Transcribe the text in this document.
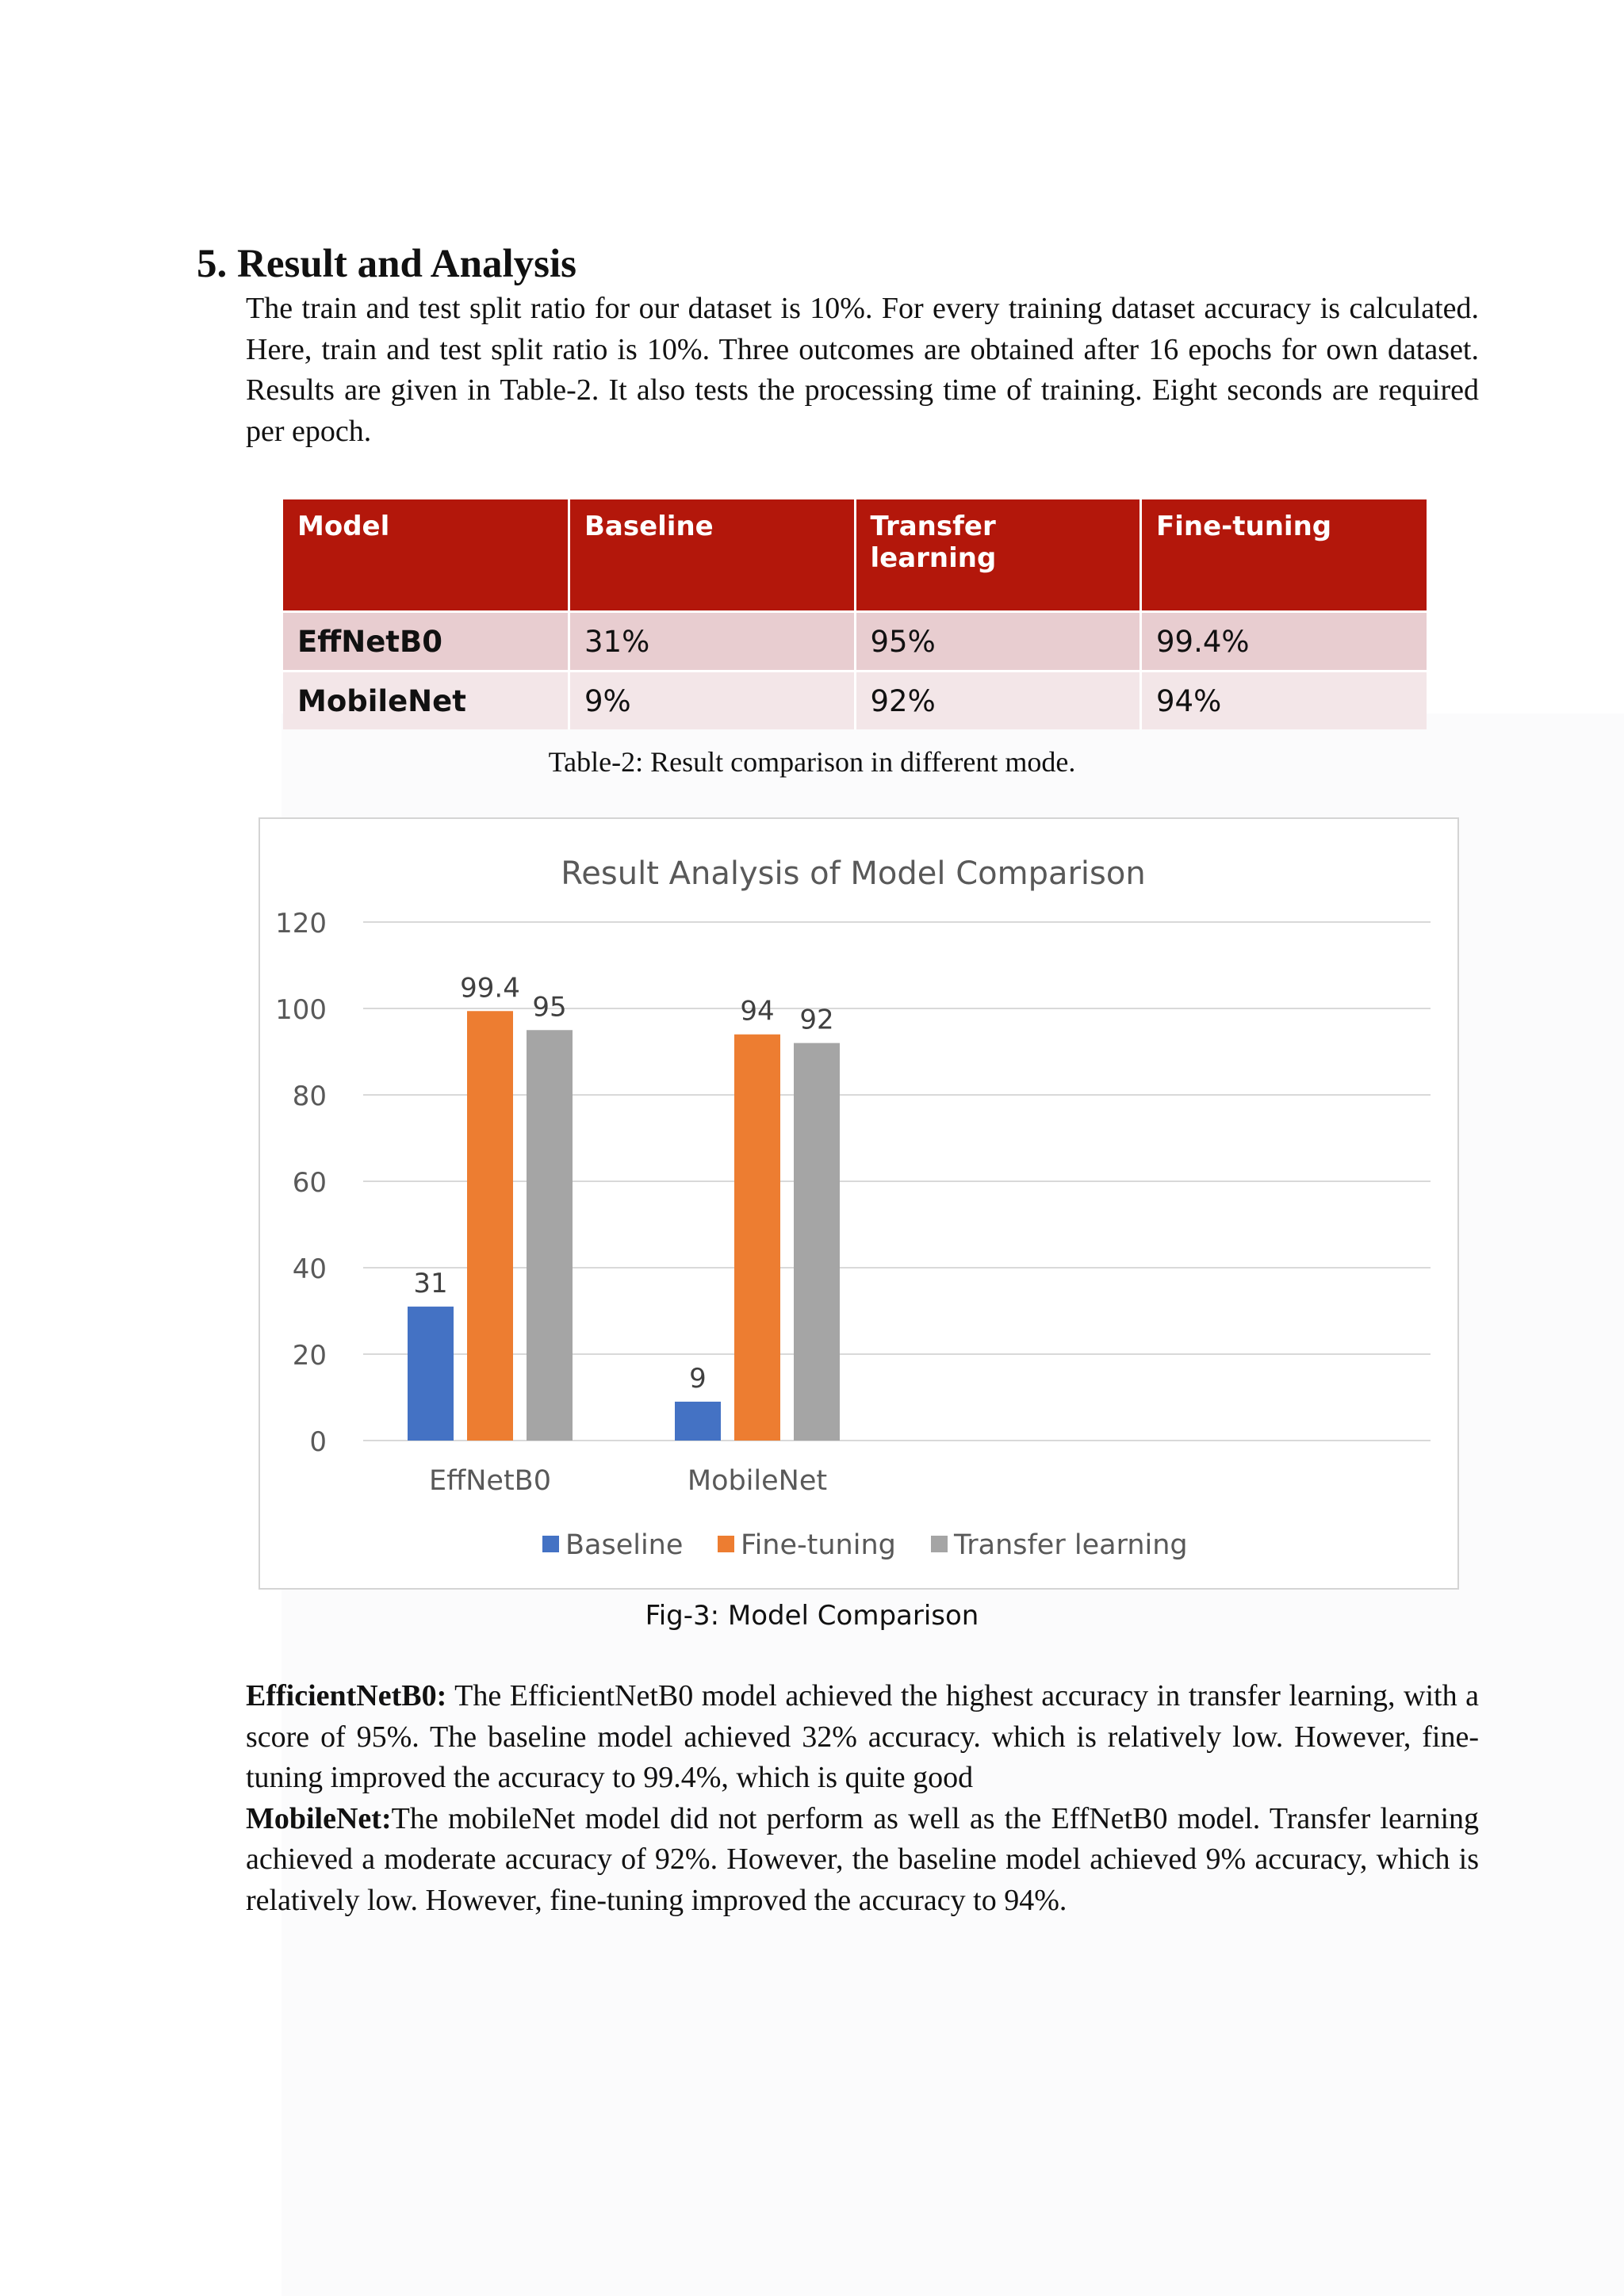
5. Result and Analysis

The train and test split ratio for our dataset is 10%. For every training dataset accuracy is calculated. Here, train and test split ratio is 10%. Three outcomes are obtained after 16 epochs for own dataset. Results are given in Table-2. It also tests the processing time of training. Eight seconds are required per epoch.

Model	Baseline	Transfer learning	Fine-tuning
EffNetB0	31%	95%	99.4%
MobileNet	9%	92%	94%

Table-2: Result comparison in different mode.

Result Analysis of Model Comparison
0
20
40
60
80
100
120
31
9
99.4
94
95	92
EffNetB0	MobileNet
Baseline Fine-tuning Transfer learning

Fig-3: Model Comparison

EfficientNetB0: The EfficientNetB0 model achieved the highest accuracy in transfer learning, with a score of 95%. The baseline model achieved 32% accuracy. which is relatively low. However, fine-tuning improved the accuracy to 99.4%, which is quite good

MobileNet:The mobileNet model did not perform as well as the EffNetB0 model. Transfer learning achieved a moderate accuracy of 92%. However, the baseline model achieved 9% accuracy, which is relatively low. However, fine-tuning improved the accuracy to 94%.
